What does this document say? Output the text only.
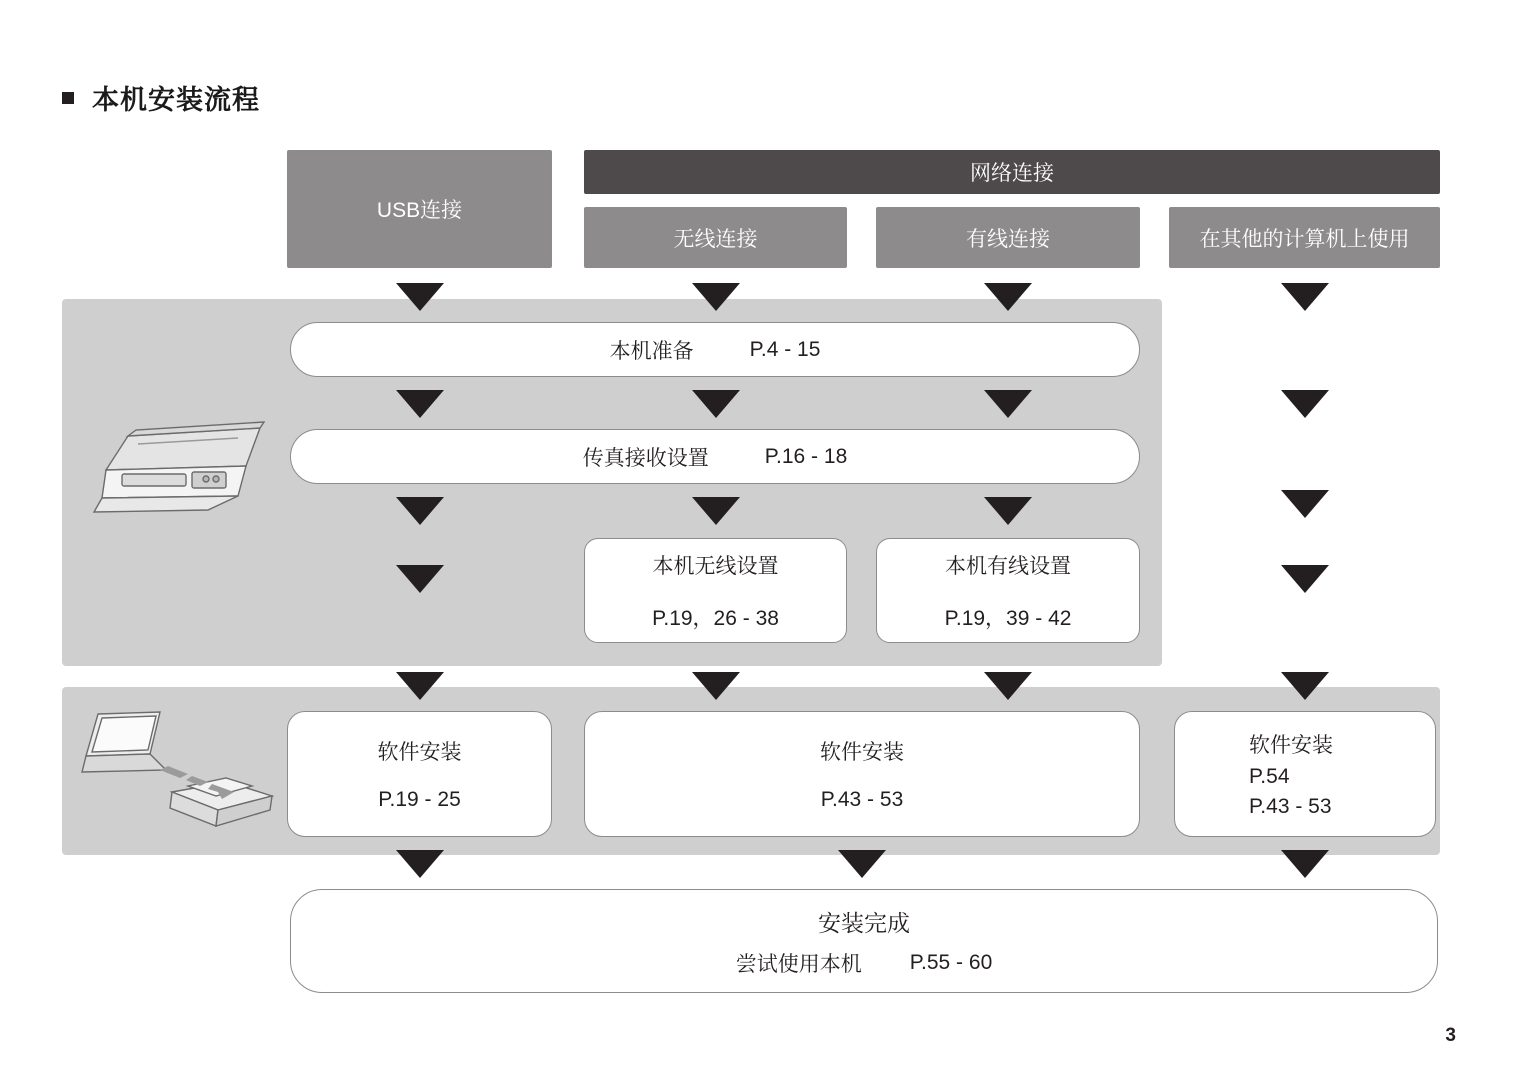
本机安装流程
USB连接
网络连接
无线连接	有线连接	在其他的计算机上使用
本机准备	P.4 - 15
传真接收设置	P.16 - 18
本机无线设置
P.19，26 - 38
本机有线设置
P.19，39 - 42
软件安装
P.19 - 25
软件安装
P.43 - 53
软件安装
P.54
P.43 - 53
安装完成
尝试使用本机 P.55 - 60
3
